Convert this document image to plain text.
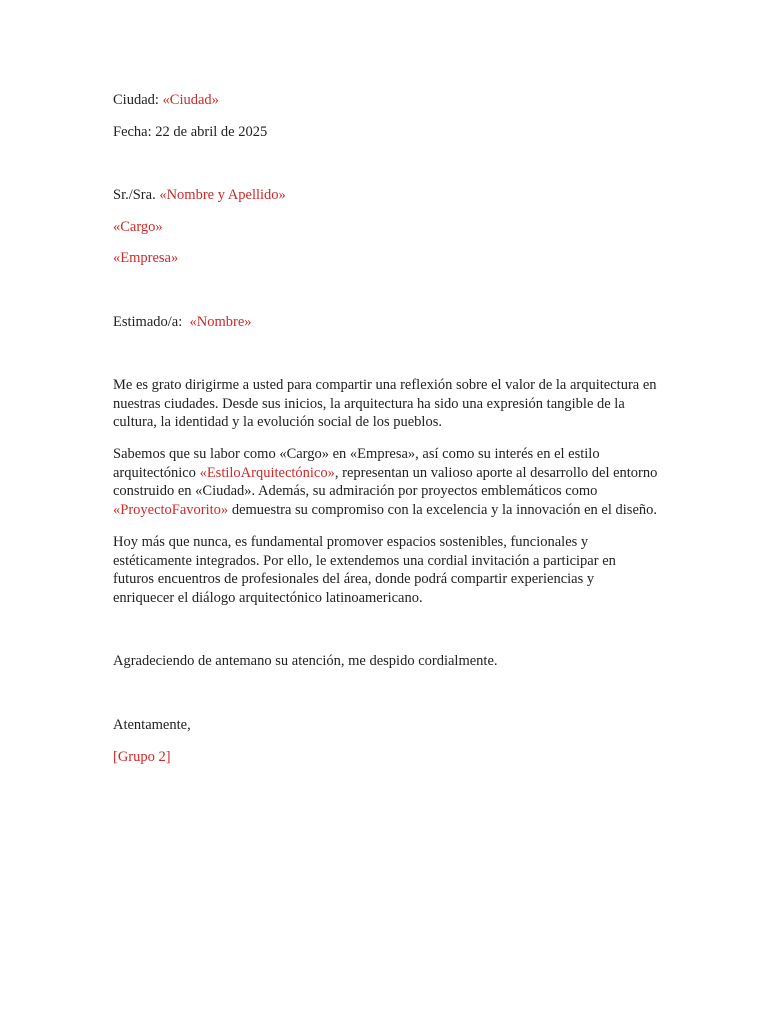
Ciudad: «Ciudad»
Fecha: 22 de abril de 2025
Sr./Sra. «Nombre y Apellido»
«Cargo»
«Empresa»
Estimado/a: «Nombre»
Me es grato dirigirme a usted para compartir una reflexión sobre el valor de la arquitectura en nuestras ciudades. Desde sus inicios, la arquitectura ha sido una expresión tangible de la cultura, la identidad y la evolución social de los pueblos.
Sabemos que su labor como «Cargo» en «Empresa», así como su interés en el estilo arquitectónico «EstiloArquitectónico», representan un valioso aporte al desarrollo del entorno construido en «Ciudad». Además, su admiración por proyectos emblemáticos como «ProyectoFavorito» demuestra su compromiso con la excelencia y la innovación en el diseño.
Hoy más que nunca, es fundamental promover espacios sostenibles, funcionales y estéticamente integrados. Por ello, le extendemos una cordial invitación a participar en futuros encuentros de profesionales del área, donde podrá compartir experiencias y enriquecer el diálogo arquitectónico latinoamericano.
Agradeciendo de antemano su atención, me despido cordialmente.
Atentamente,
[Grupo 2]
